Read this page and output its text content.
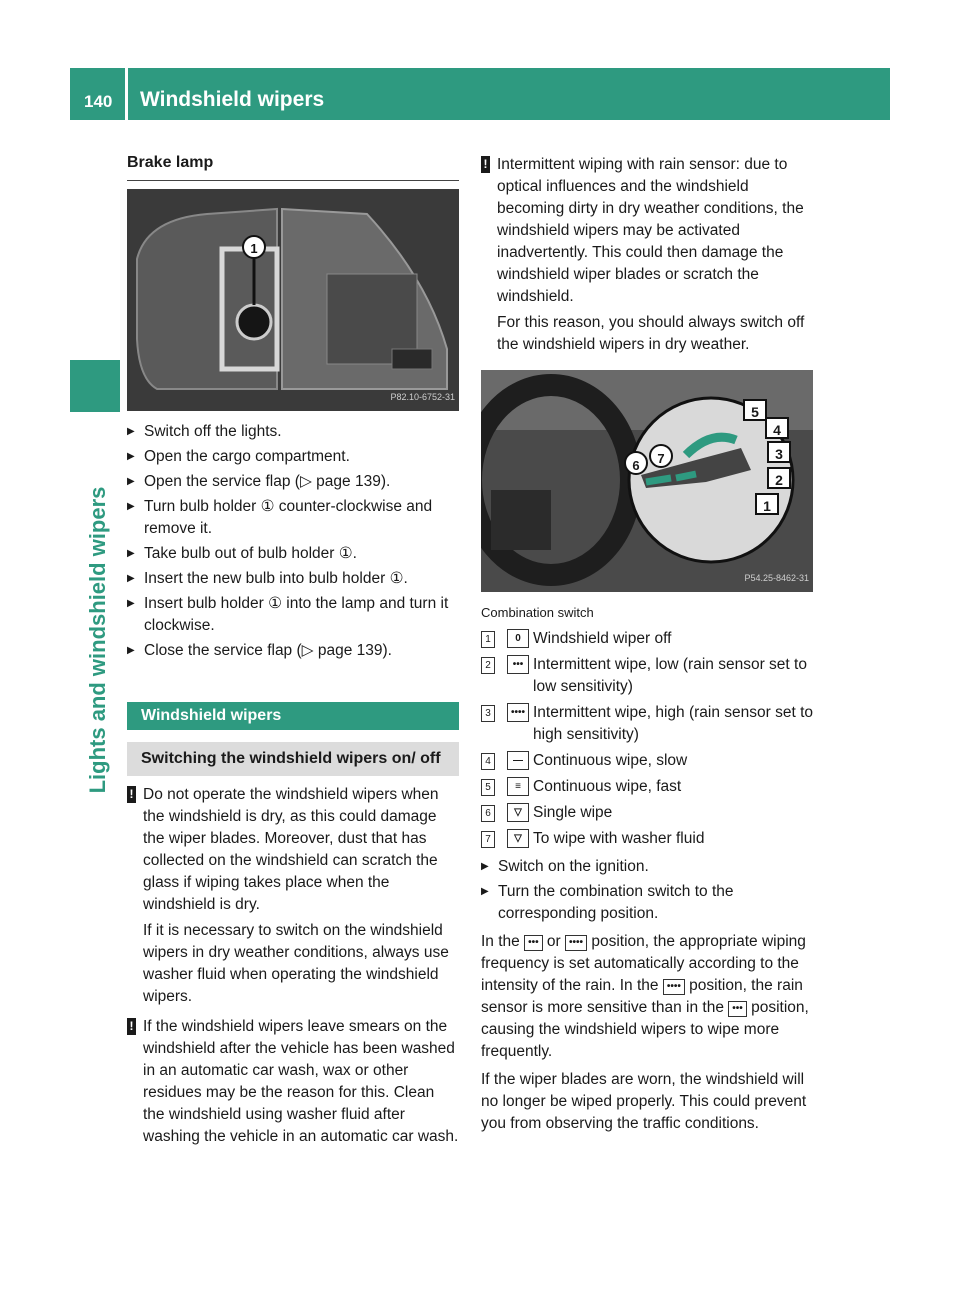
140 Windshield wipers
Lights and windshield wipers
Brake lamp
1
P82.10-6752-31
▶ Switch off the lights.
▶ Open the cargo compartment.
▶ Open the service flap (▷ page 139).
▶ Turn bulb holder ① counter-clockwise and remove it.
▶ Take bulb out of bulb holder ①.
▶ Insert the new bulb into bulb holder ①.
▶ Insert bulb holder ① into the lamp and turn it clockwise.
▶ Close the service flap (▷ page 139).
Windshield wipers
Switching the windshield wipers on/ off
! Do not operate the windshield wipers when the windshield is dry, as this could damage the wiper blades. Moreover, dust that has collected on the windshield can scratch the glass if wiping takes place when the windshield is dry.

If it is necessary to switch on the windshield wipers in dry weather conditions, always use washer fluid when operating the windshield wipers.

! If the windshield wipers leave smears on the windshield after the vehicle has been washed in an automatic car wash, wax or other residues may be the reason for this. Clean the windshield using washer fluid after washing the vehicle in an automatic car wash.

! Intermittent wiping with rain sensor: due to optical influences and the windshield becoming dirty in dry weather conditions, the windshield wipers may be activated inadvertently. This could then damage the windshield wiper blades or scratch the windshield.

For this reason, you should always switch off the windshield wipers in dry weather.

5
4
3
2
1
6	7
P54.25-8462-31
Combination switch
1	0 Windshield wiper off
2	••• Intermittent wipe, low (rain sensor set to low sensitivity)
3	•••• Intermittent wipe, high (rain sensor set to high sensitivity)
4	— Continuous wipe, slow
5	≡ Continuous wipe, fast
6	▽ Single wipe
7	▽ To wipe with washer fluid
▶ Switch on the ignition.
▶ Turn the combination switch to the corresponding position.

In the ••• or •••• position, the appropriate wiping frequency is set automatically according to the intensity of the rain. In the •••• position, the rain sensor is more sensitive than in the ••• position, causing the windshield wipers to wipe more frequently.

If the wiper blades are worn, the windshield will no longer be wiped properly. This could prevent you from observing the traffic conditions.
